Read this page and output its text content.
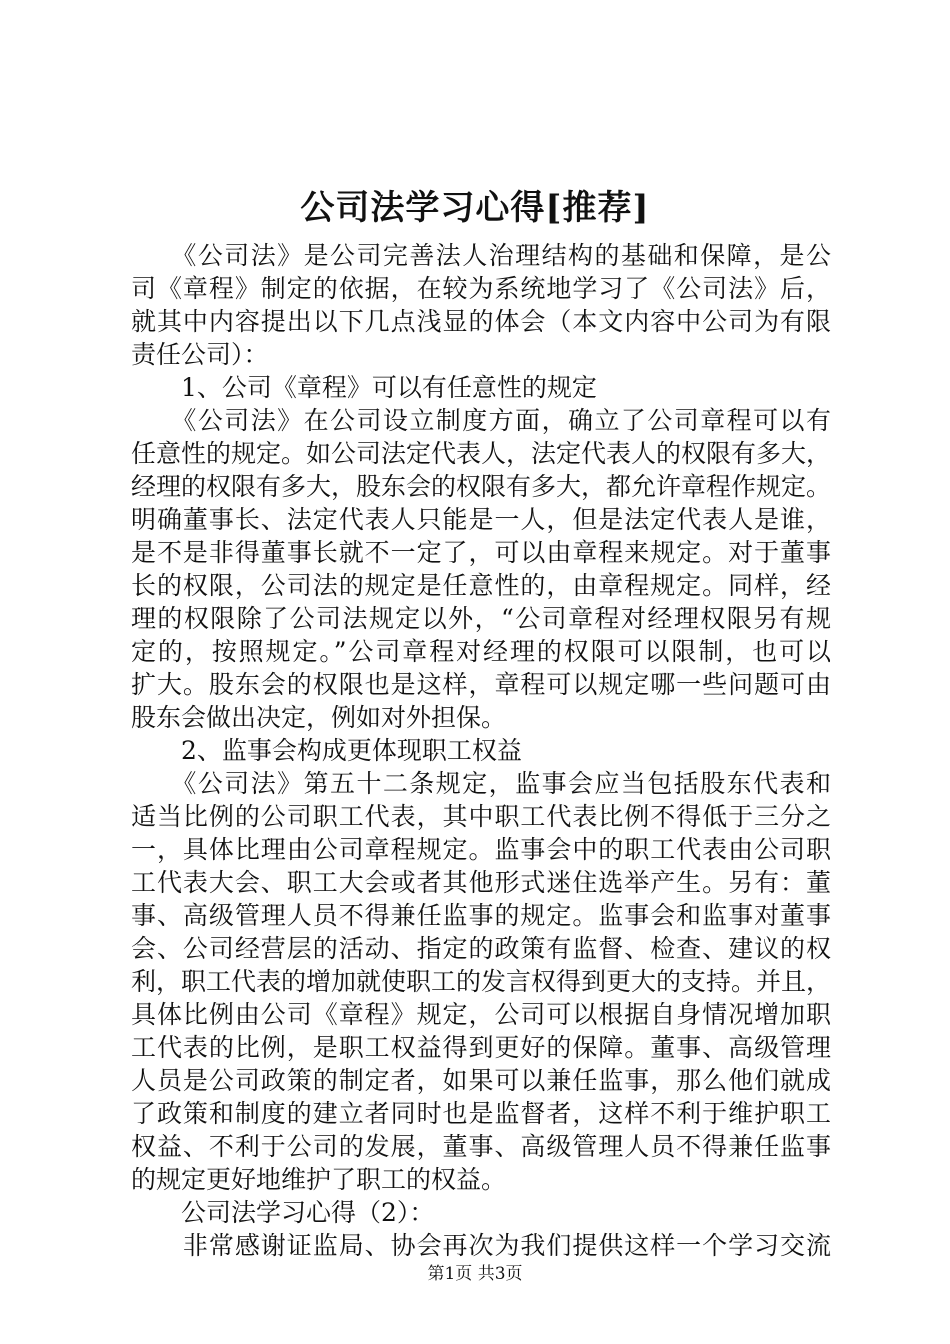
公司法学习心得[推荐]
　　《公司法》是公司完善法人治理结构的基础和保障，是公
司《章程》制定的依据，在较为系统地学习了《公司法》后，
就其中内容提出以下几点浅显的体会（本文内容中公司为有限
责任公司）：
　　1、公司《章程》可以有任意性的规定
　　《公司法》在公司设立制度方面，确立了公司章程可以有
任意性的规定。如公司法定代表人，法定代表人的权限有多大，
经理的权限有多大，股东会的权限有多大，都允许章程作规定。
明确董事长、法定代表人只能是一人，但是法定代表人是谁，
是不是非得董事长就不一定了，可以由章程来规定。对于董事
长的权限，公司法的规定是任意性的，由章程规定。同样，经
理的权限除了公司法规定以外，“公司章程对经理权限另有规
定的，按照规定。”公司章程对经理的权限可以限制，也可以
扩大。股东会的权限也是这样，章程可以规定哪一些问题可由
股东会做出决定，例如对外担保。
　　2、监事会构成更体现职工权益
　　《公司法》第五十二条规定，监事会应当包括股东代表和
适当比例的公司职工代表，其中职工代表比例不得低于三分之
一，具体比理由公司章程规定。监事会中的职工代表由公司职
工代表大会、职工大会或者其他形式迷住选举产生。另有：董
事、高级管理人员不得兼任监事的规定。监事会和监事对董事
会、公司经营层的活动、指定的政策有监督、检查、建议的权
利，职工代表的增加就使职工的发言权得到更大的支持。并且，
具体比例由公司《章程》规定，公司可以根据自身情况增加职
工代表的比例，是职工权益得到更好的保障。董事、高级管理
人员是公司政策的制定者，如果可以兼任监事，那么他们就成
了政策和制度的建立者同时也是监督者，这样不利于维护职工
权益、不利于公司的发展，董事、高级管理人员不得兼任监事
的规定更好地维护了职工的权益。
　　公司法学习心得（2）：
　　非常感谢证监局、协会再次为我们提供这样一个学习交流
第1页 共3页
